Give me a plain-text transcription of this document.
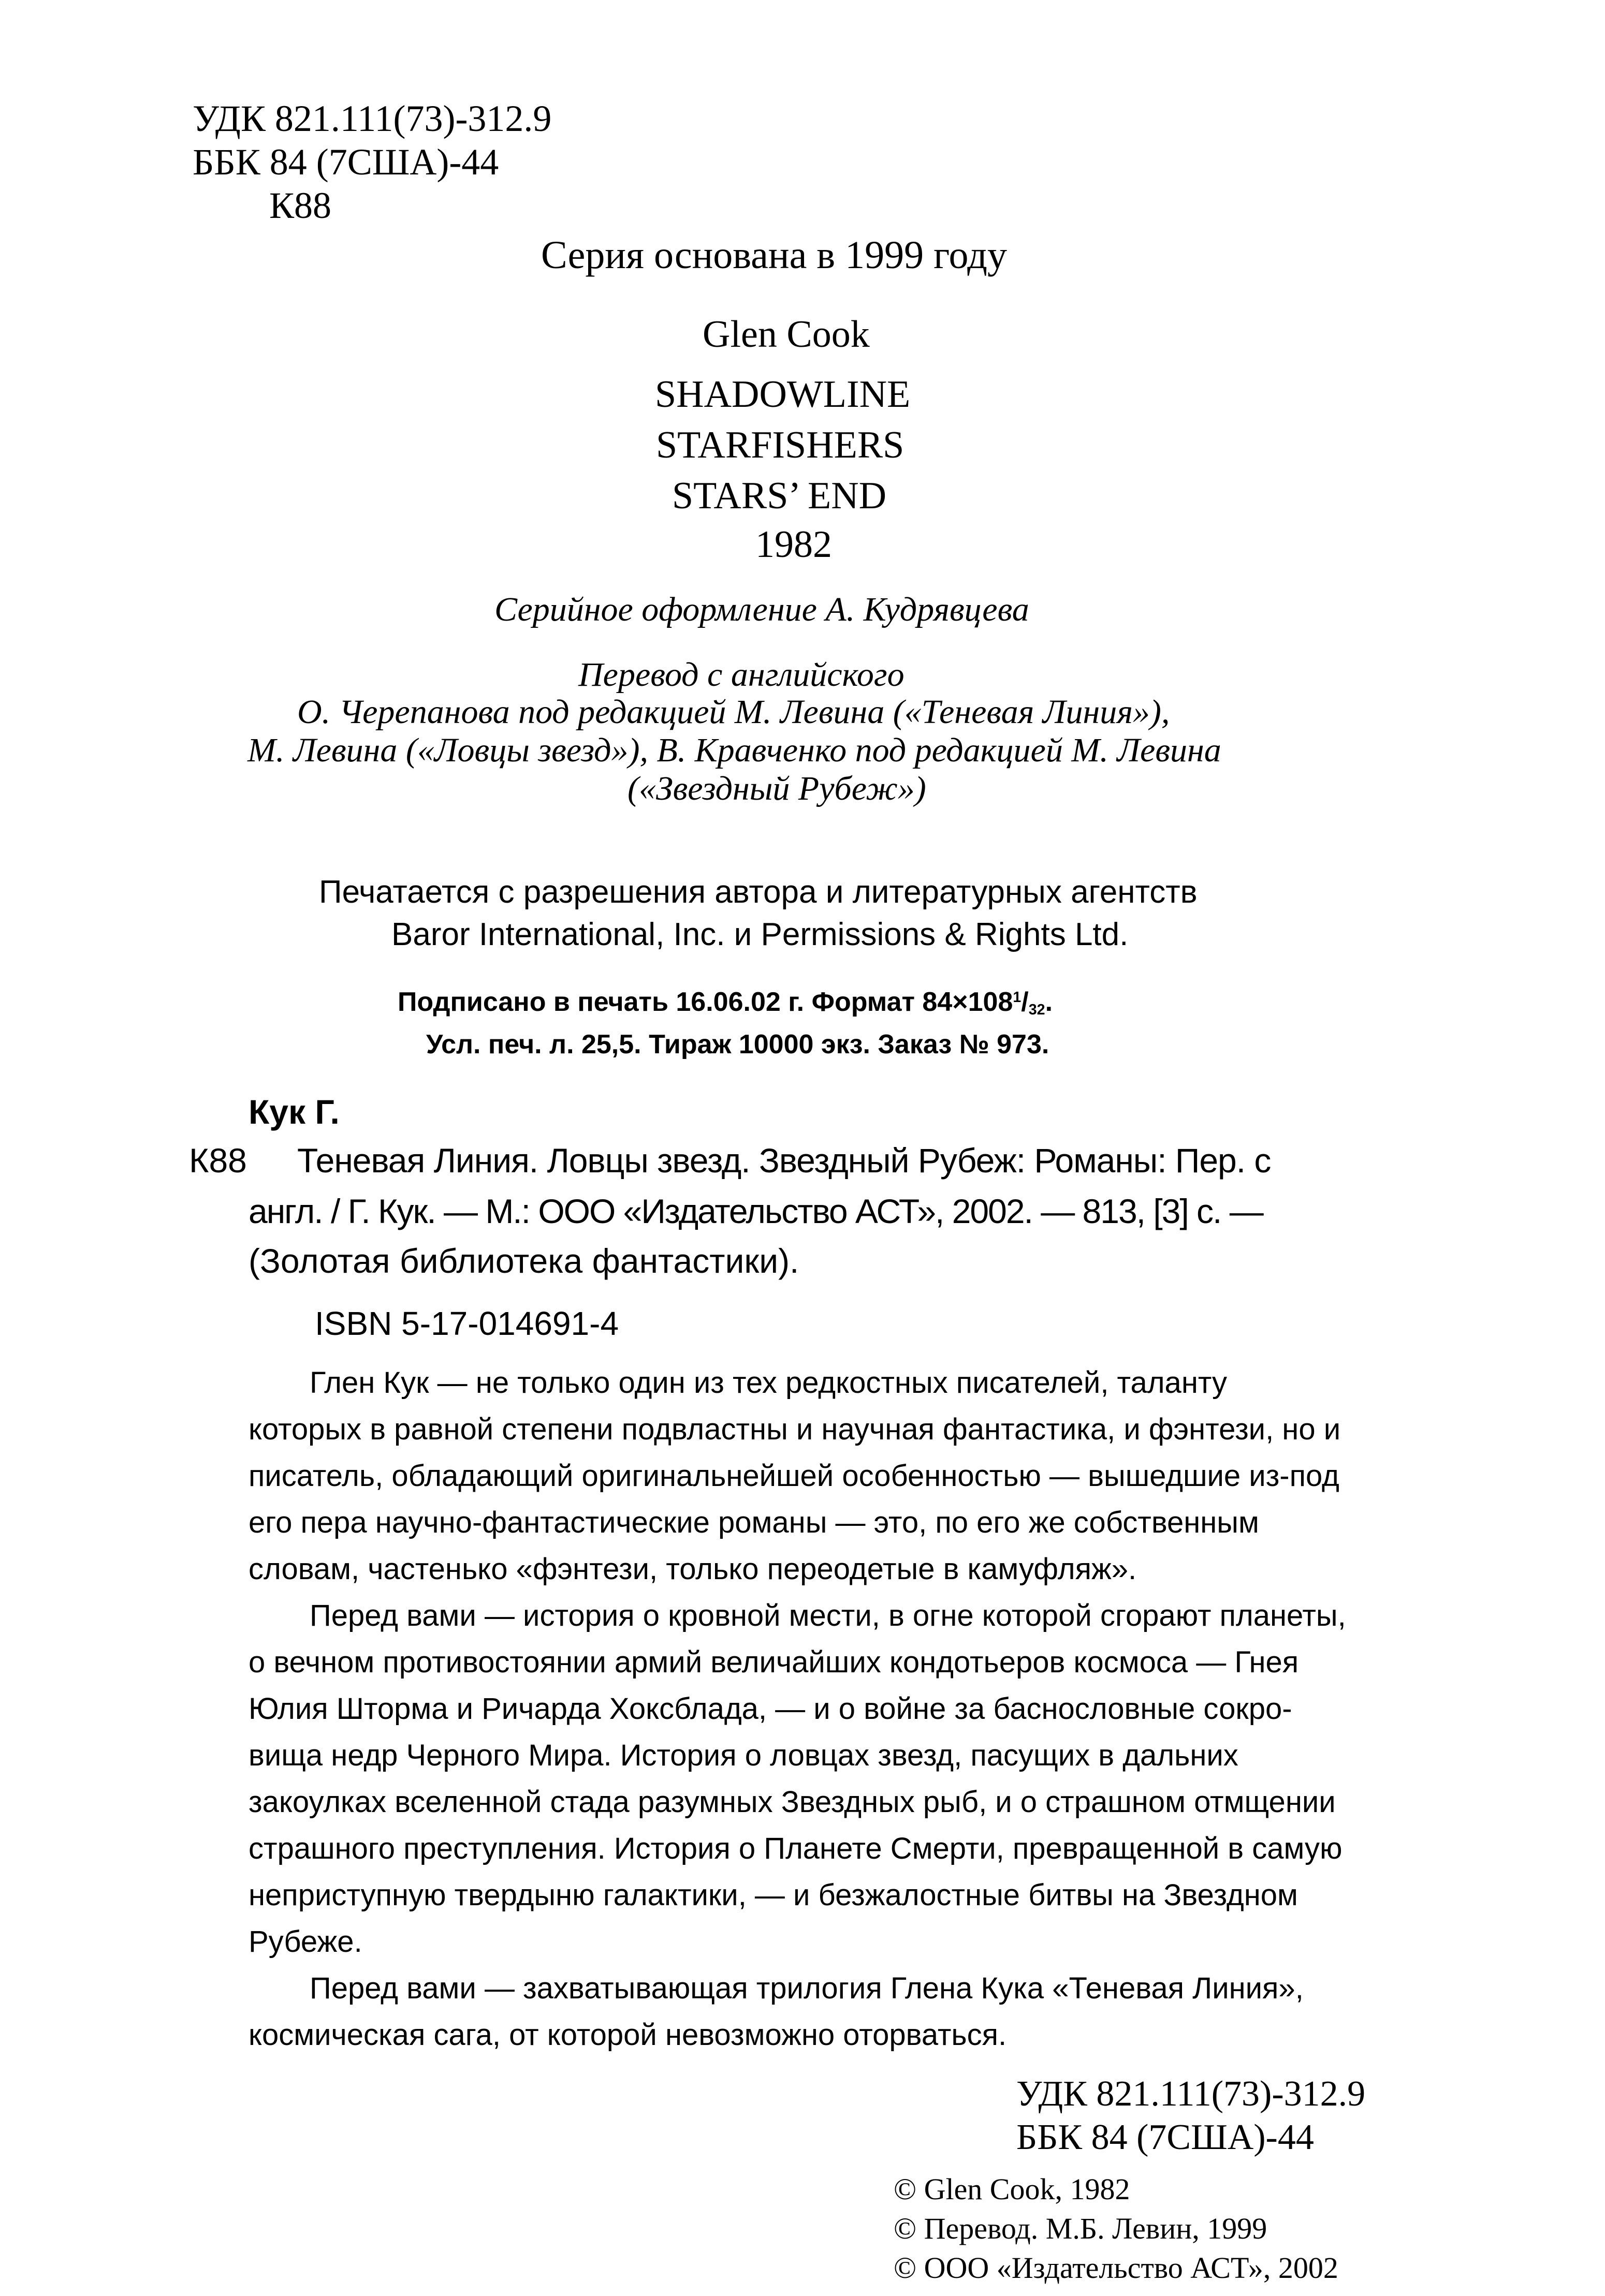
УДК 821.111(73)-312.9
ББК 84 (7США)-44
К88
Серия основана в 1999 году
Glen Cook
SHADOWLINE
STARFISHERS
STARS’ END
1982
Серийное оформление А. Кудрявцева
Перевод с английского
О. Черепанова под редакцией М. Левина («Теневая Линия»),
М. Левина («Ловцы звезд»), В. Кравченко под редакцией М. Левина
(«Звездный Рубеж»)
Печатается с разрешения автора и литературных агентств
Baror International, Inc. и Permissions & Rights Ltd.
Подписано в печать 16.06.02 г. Формат $84\times 108^1/32$.
Усл. печ. л. 25,5. Тираж 10000 экз. Заказ № 973.
Кук Г.
К88 Теневая Линия. Ловцы звезд. Звездный Рубеж: Романы: Пер. с
англ. / Г. Кук. — М.: ООО «Издательство АСТ», 2002. — 813, [3] с. —
(Золотая библиотека фантастики).
ISBN 5-17-014691-4
Глен Кук — не только один из тех редкостных писателей, таланту
которых в равной степени подвластны и научная фантастика, и фэнтези, но и
писатель, обладающий оригинальнейшей особенностью — вышедшие из-под
его пера научно-фантастические романы — это, по его же собственным
словам, частенько «фэнтези, только переодетые в камуфляж».
Перед вами — история о кровной мести, в огне которой сгорают планеты,
о вечном противостоянии армий величайших кондотьеров космоса — Гнея
Юлия Шторма и Ричарда Хоксблада, — и о войне за баснословные сокро-
вища недр Черного Мира. История о ловцах звезд, пасущих в дальних
закоулках вселенной стада разумных Звездных рыб, и о страшном отмщении
страшного преступления. История о Планете Смерти, превращенной в самую
неприступную твердыню галактики, — и безжалостные битвы на Звездном
Рубеже.
Перед вами — захватывающая трилогия Глена Кука «Теневая Линия»,
космическая сага, от которой невозможно оторваться.
УДК 821.111(73)-312.9
ББК 84 (7США)-44
© Glen Cook, 1982
© Перевод. М.Б. Левин, 1999
© ООО «Издательство АСТ», 2002
